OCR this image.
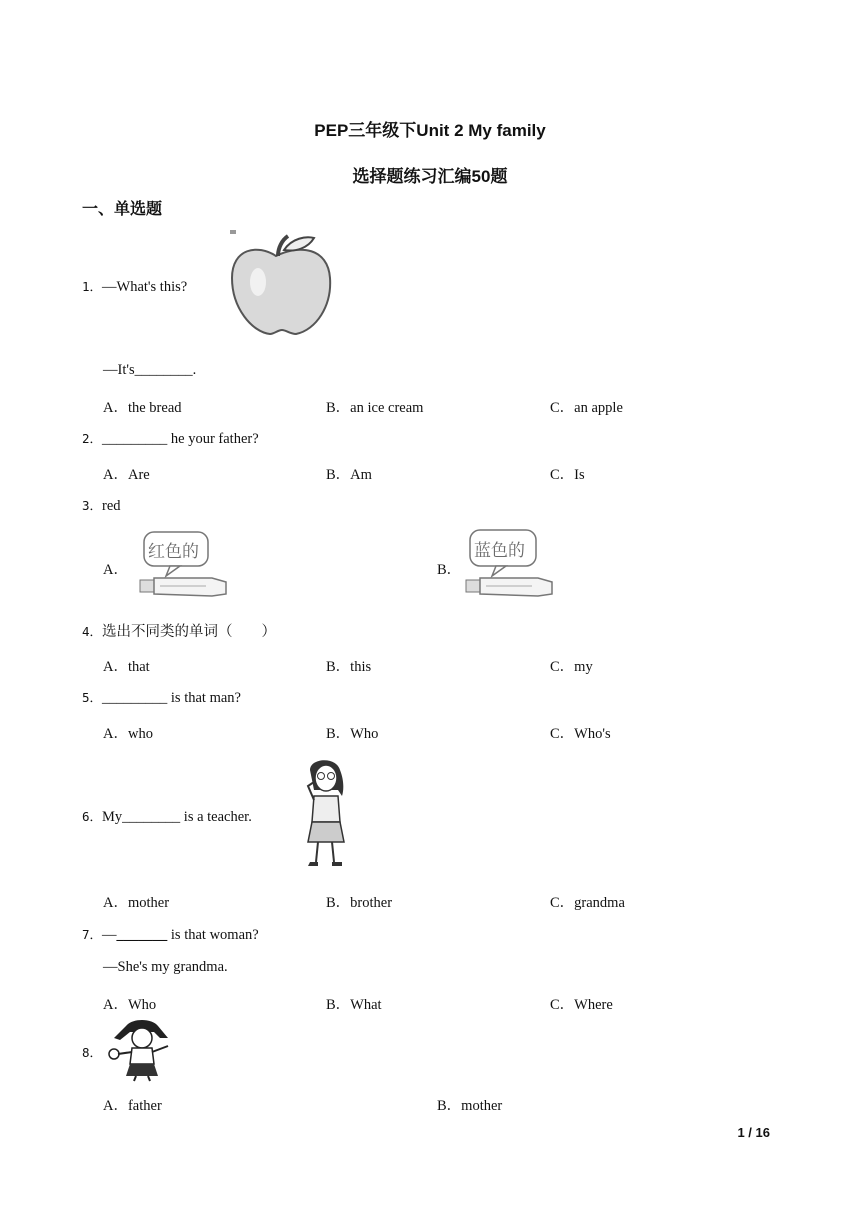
PEP三年级下Unit 2 My family
选择题练习汇编50题
一、单选题
1．—What's this?
—It's________.
A．the bread	B．an ice cream	C．an apple
2．_________ he your father?
A．Are	B．Am	C．Is
3．red
A．
红色的
B．
蓝色的
4．选出不同类的单词（　　）
A．that	B．this	C．my
5．_________ is that man?
A．who	B．Who	C．Who's
6．My________ is a teacher.
A．mother	B．brother	C．grandma
7．—_______ is that woman?
—She's my grandma.
A．Who	B．What	C．Where
8．
A．father	B．mother
1 / 16
